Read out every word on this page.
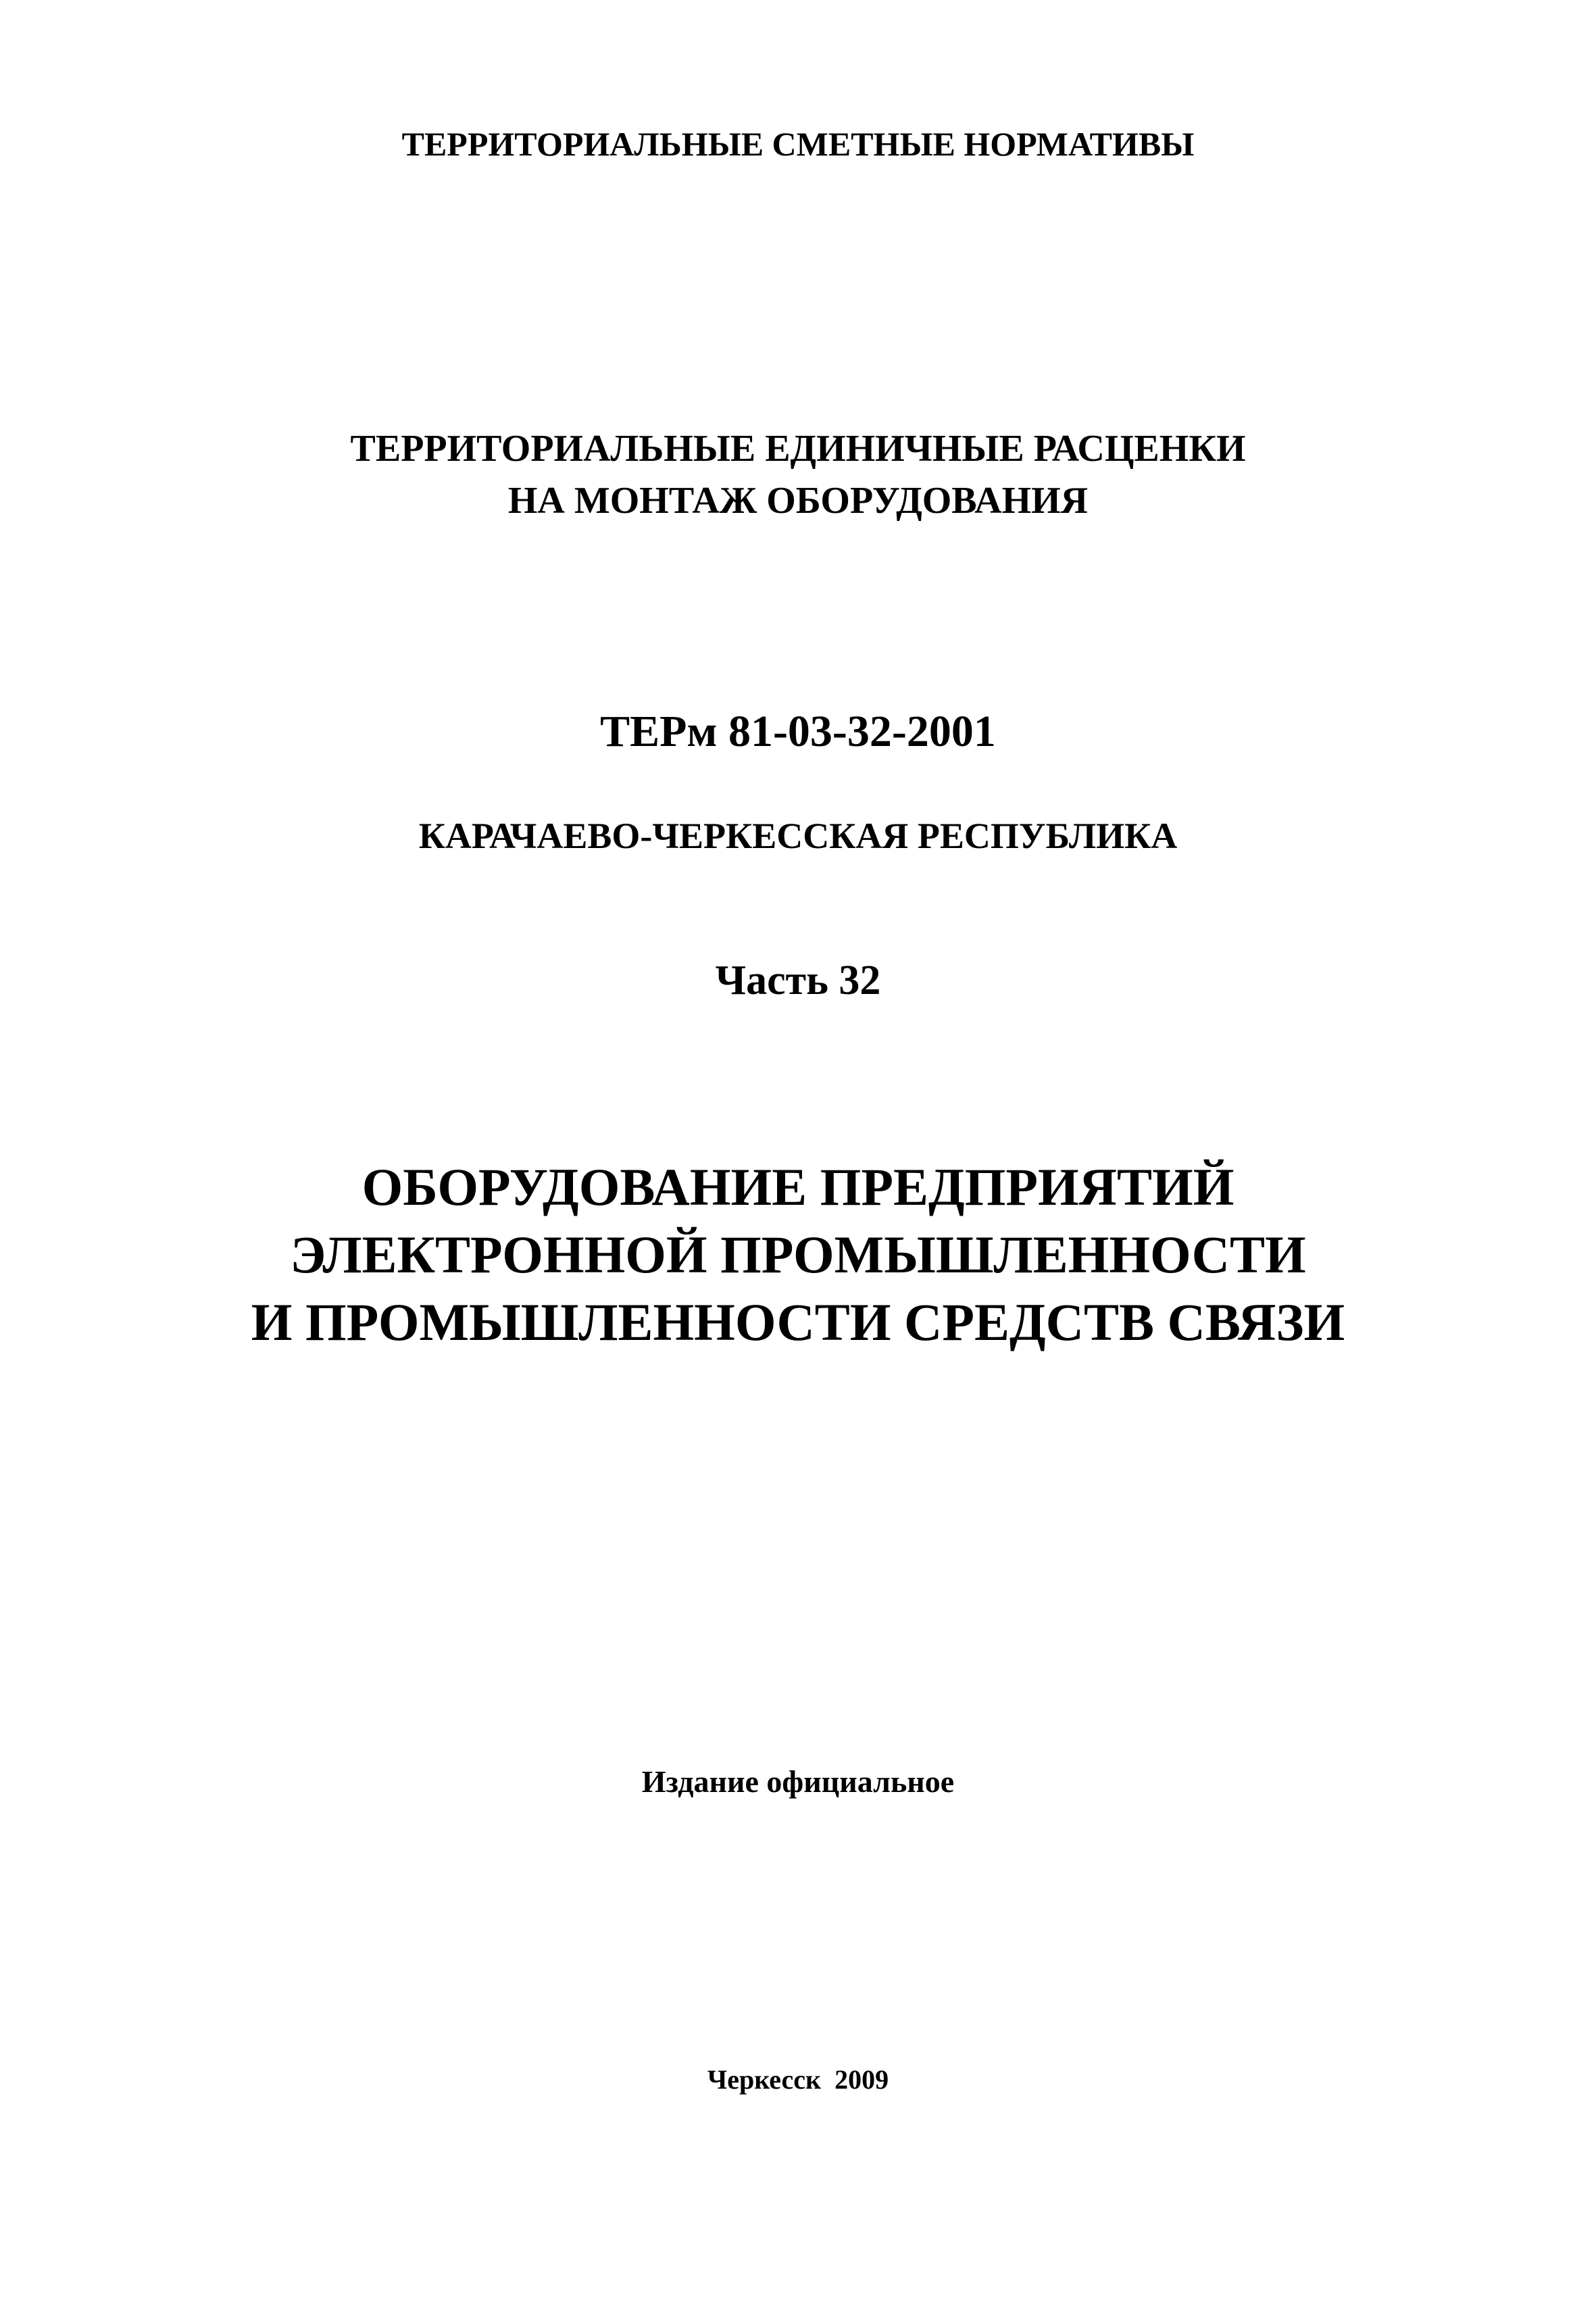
ТЕРРИТОРИАЛЬНЫЕ СМЕТНЫЕ НОРМАТИВЫ
ТЕРРИТОРИАЛЬНЫЕ ЕДИНИЧНЫЕ РАСЦЕНКИ
НА МОНТАЖ ОБОРУДОВАНИЯ
ТЕРм 81-03-32-2001
КАРАЧАЕВО-ЧЕРКЕССКАЯ РЕСПУБЛИКА
Часть 32
ОБОРУДОВАНИЕ ПРЕДПРИЯТИЙ
ЭЛЕКТРОННОЙ ПРОМЫШЛЕННОСТИ
И ПРОМЫШЛЕННОСТИ СРЕДСТВ СВЯЗИ
Издание официальное
Черкесск  2009
